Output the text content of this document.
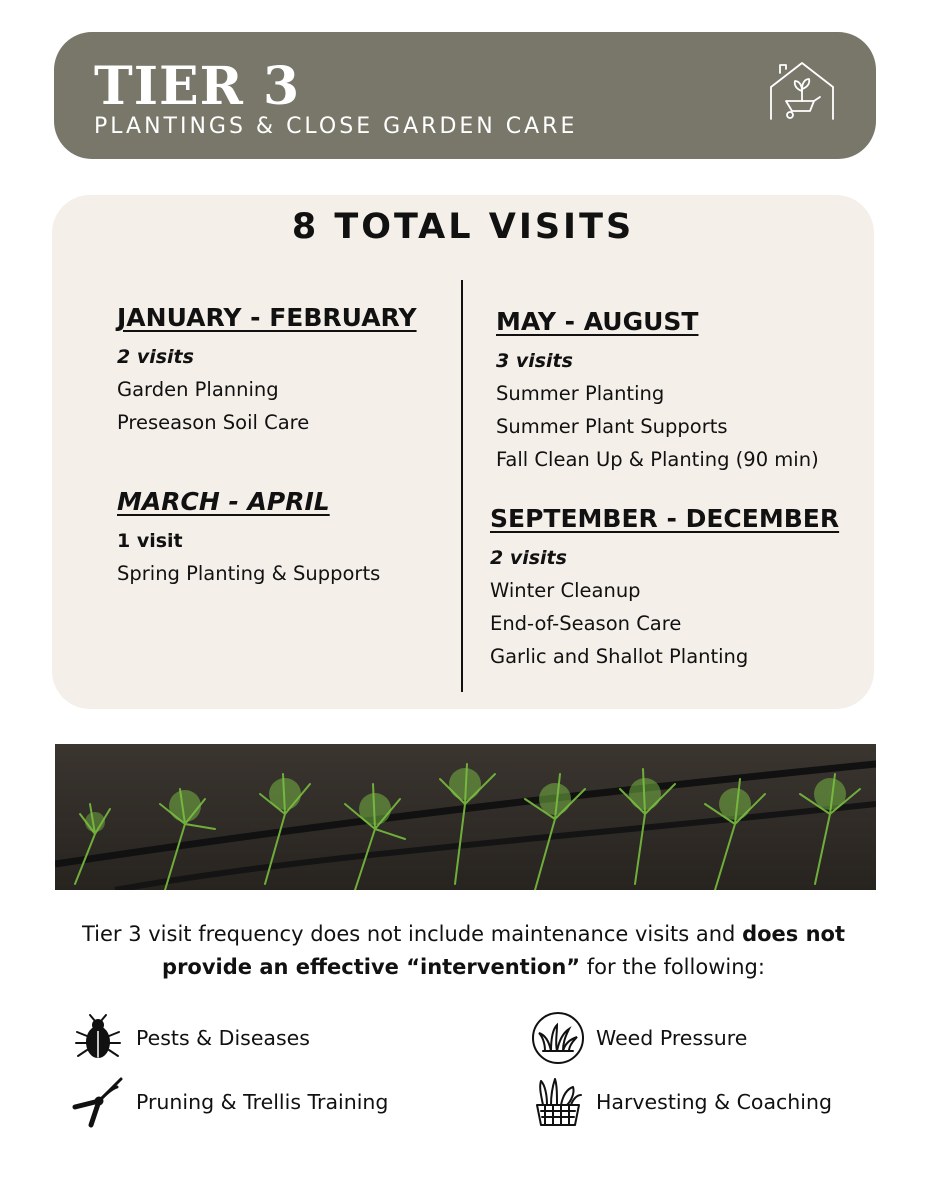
TIER 3
PLANTINGS & CLOSE GARDEN CARE
8 TOTAL VISITS
JANUARY - FEBRUARY
2 visits
Garden Planning
Preseason Soil Care
MARCH - APRIL
1 visit
Spring Planting & Supports
MAY - AUGUST
3 visits
Summer Planting
Summer Plant Supports
Fall Clean Up & Planting (90 min)
SEPTEMBER - DECEMBER
2 visits
Winter Cleanup
End-of-Season Care
Garlic and Shallot Planting
Tier 3 visit frequency does not include maintenance visits and does not provide an effective “intervention” for the following:
Pests & Diseases	Weed Pressure
Pruning & Trellis Training	Harvesting & Coaching
